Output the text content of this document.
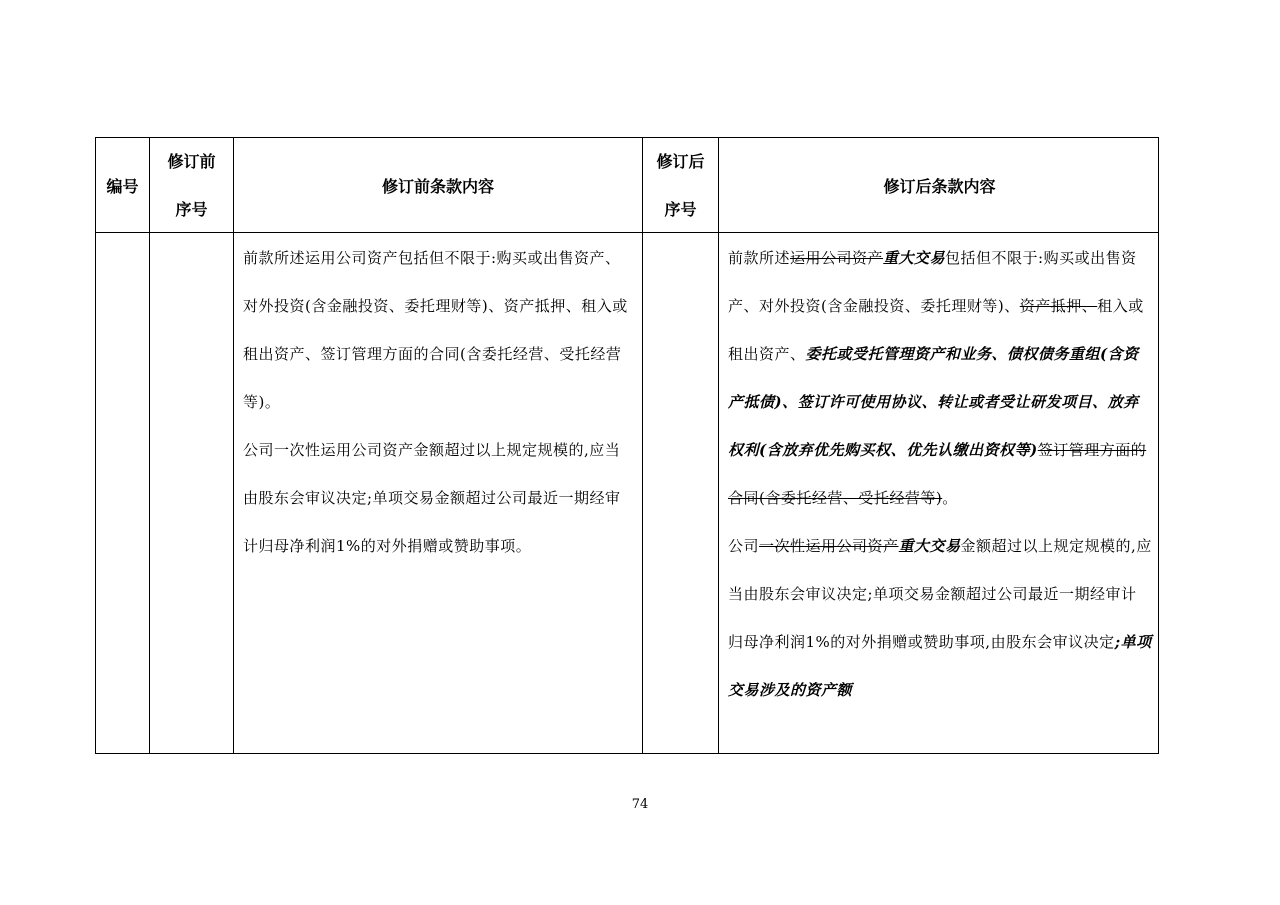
编号
修订前
序号
修订前条款内容
修订后
序号
修订后条款内容

前款所述运用公司资产包括但不限于:购买或出售资产、对外投资(含金融投资、委托理财等)、资产抵押、租入或租出资产、签订管理方面的合同(含委托经营、受托经营等)。

公司一次性运用公司资产金额超过以上规定规模的,应当由股东会审议决定;单项交易金额超过公司最近一期经审计归母净利润1%的对外捐赠或赞助事项。

前款所述运用公司资产重大交易包括但不限于:购买或出售资产、对外投资(含金融投资、委托理财等)、资产抵押、租入或租出资产、委托或受托管理资产和业务、债权债务重组(含资产抵债)、签订许可使用协议、转让或者受让研发项目、放弃权利(含放弃优先购买权、优先认缴出资权等)签订管理方面的合同(含委托经营、受托经营等)。

公司一次性运用公司资产重大交易金额超过以上规定规模的,应当由股东会审议决定;单项交易金额超过公司最近一期经审计归母净利润1%的对外捐赠或赞助事项,由股东会审议决定;单项交易涉及的资产额

74
